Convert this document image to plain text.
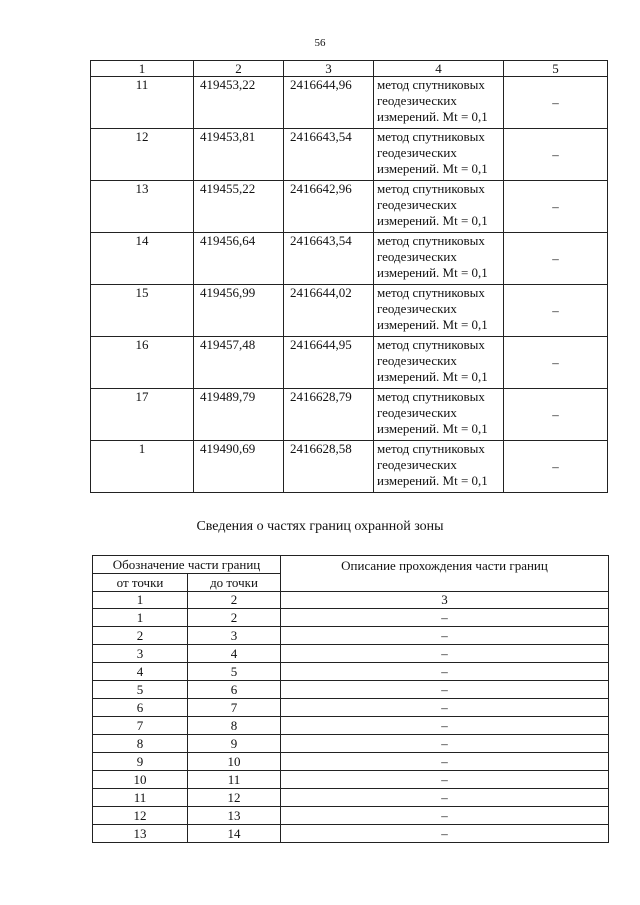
56
1	2	3	4	5
11	419453,22	2416644,96	метод спутниковых
геодезических
измерений. Mt = 0,1	–
12	419453,81	2416643,54	метод спутниковых
геодезических
измерений. Mt = 0,1	–
13	419455,22	2416642,96	метод спутниковых
геодезических
измерений. Mt = 0,1	–
14	419456,64	2416643,54	метод спутниковых
геодезических
измерений. Mt = 0,1	–
15	419456,99	2416644,02	метод спутниковых
геодезических
измерений. Mt = 0,1	–
16	419457,48	2416644,95	метод спутниковых
геодезических
измерений. Mt = 0,1	–
17	419489,79	2416628,79	метод спутниковых
геодезических
измерений. Mt = 0,1	–
1	419490,69	2416628,58	метод спутниковых
геодезических
измерений. Mt = 0,1	–
Сведения о частях границ охранной зоны
Обозначение части границ		Описание прохождения части границ
от точки	до точки	
1	2	3
1	2	–
2	3	–
3	4	–
4	5	–
5	6	–
6	7	–
7	8	–
8	9	–
9	10	–
10	11	–
11	12	–
12	13	–
13	14	–
